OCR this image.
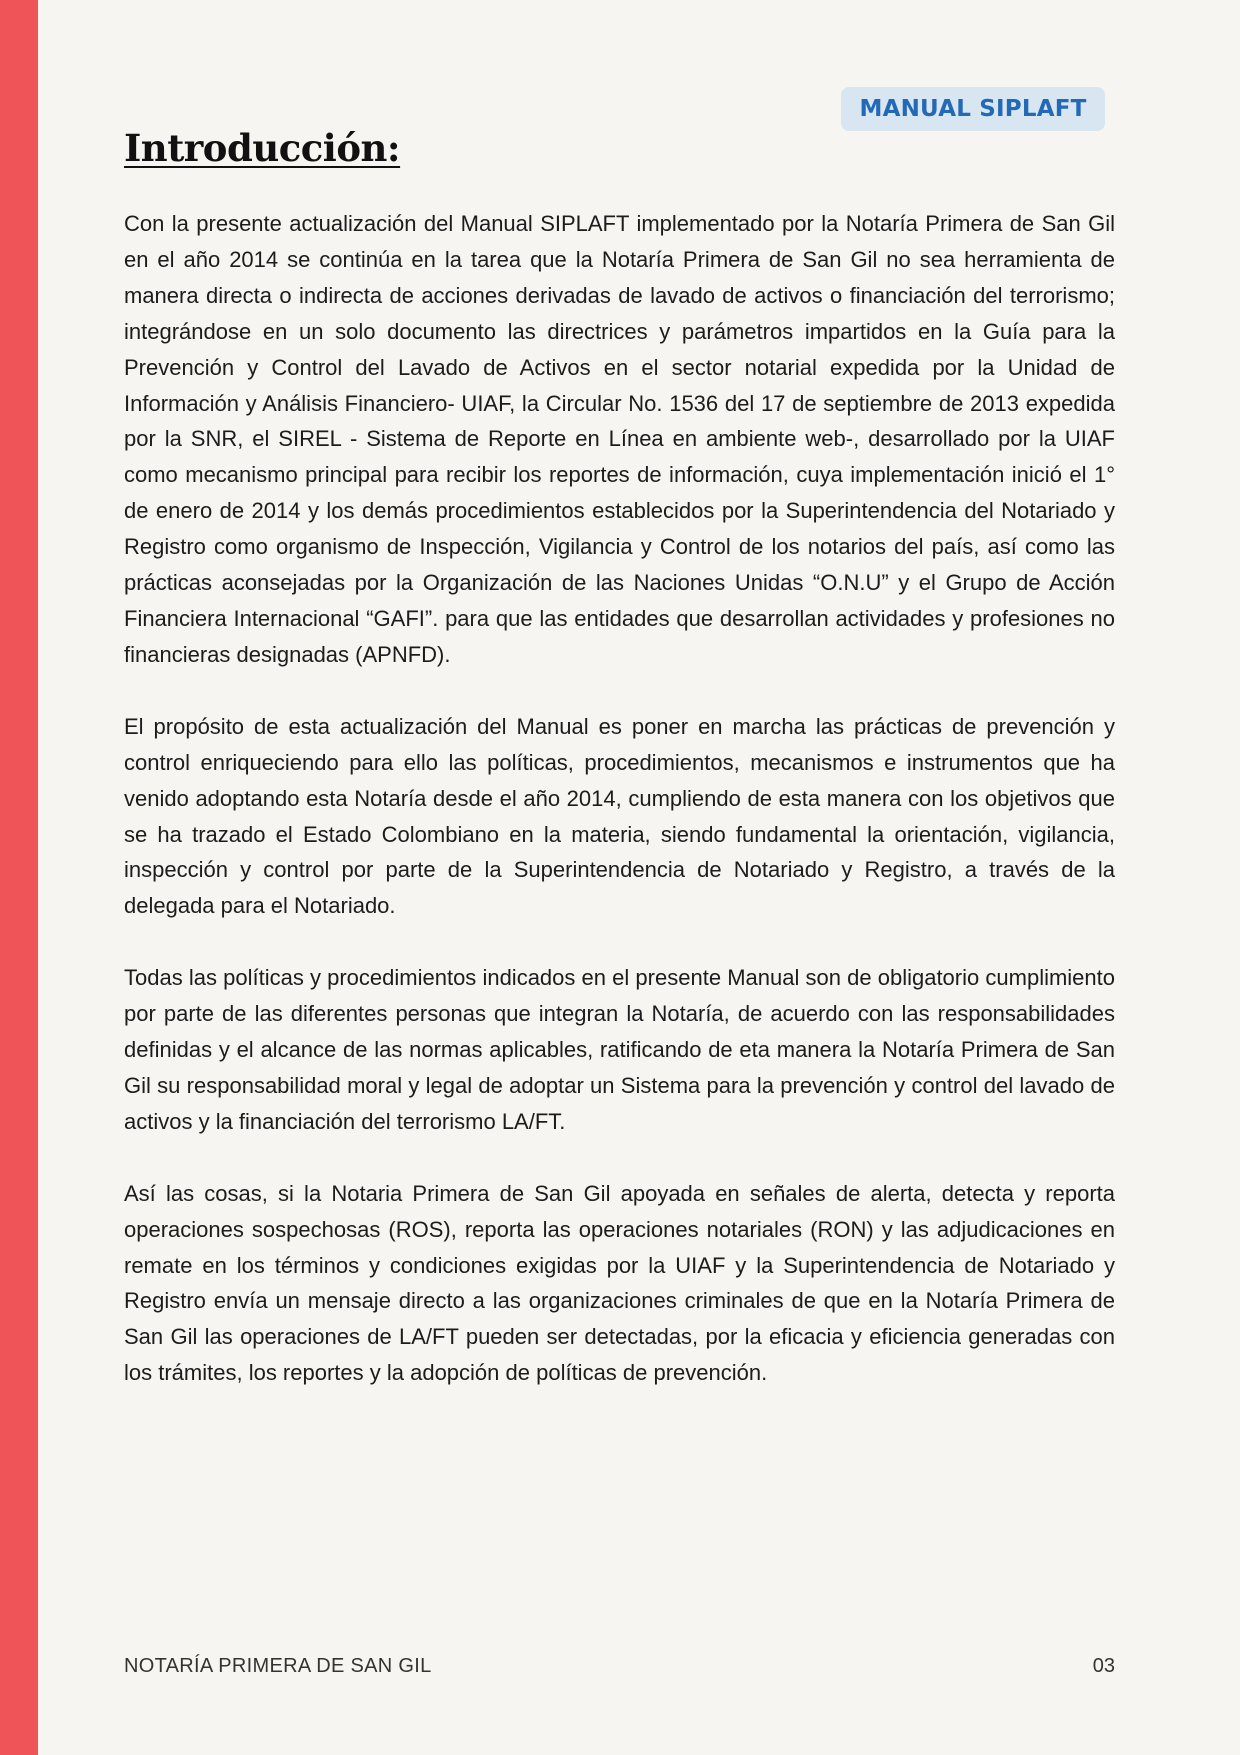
MANUAL SIPLAFT
Introducción:

Con la presente actualización del Manual SIPLAFT implementado por la Notaría Primera de San Gil en el año 2014 se continúa en la tarea que la Notaría Primera de San Gil no sea herramienta de manera directa o indirecta de acciones derivadas de lavado de activos o financiación del terrorismo; integrándose en un solo documento las directrices y parámetros impartidos en la Guía para la Prevención y Control del Lavado de Activos en el sector notarial expedida por la Unidad de Información y Análisis Financiero- UIAF, la Circular No. 1536 del 17 de septiembre de 2013 expedida por la SNR, el SIREL - Sistema de Reporte en Línea en ambiente web-, desarrollado por la UIAF como mecanismo principal para recibir los reportes de información, cuya implementación inició el 1° de enero de 2014 y los demás procedimientos establecidos por la Superintendencia del Notariado y Registro como organismo de Inspección, Vigilancia y Control de los notarios del país, así como las prácticas aconsejadas por la Organización de las Naciones Unidas “O.N.U” y el Grupo de Acción Financiera Internacional “GAFI”. para que las entidades que desarrollan actividades y profesiones no financieras designadas (APNFD).

El propósito de esta actualización del Manual es poner en marcha las prácticas de prevención y control enriqueciendo para ello las políticas, procedimientos, mecanismos e instrumentos que ha venido adoptando esta Notaría desde el año 2014, cumpliendo de esta manera con los objetivos que se ha trazado el Estado Colombiano en la materia, siendo fundamental la orientación, vigilancia, inspección y control por parte de la Superintendencia de Notariado y Registro, a través de la delegada para el Notariado.

Todas las políticas y procedimientos indicados en el presente Manual son de obligatorio cumplimiento por parte de las diferentes personas que integran la Notaría, de acuerdo con las responsabilidades definidas y el alcance de las normas aplicables, ratificando de eta manera la Notaría Primera de San Gil su responsabilidad moral y legal de adoptar un Sistema para la prevención y control del lavado de activos y la financiación del terrorismo LA/FT.

Así las cosas, si la Notaria Primera de San Gil apoyada en señales de alerta, detecta y reporta operaciones sospechosas (ROS), reporta las operaciones notariales (RON) y las adjudicaciones en remate en los términos y condiciones exigidas por la UIAF y la Superintendencia de Notariado y Registro envía un mensaje directo a las organizaciones criminales de que en la Notaría Primera de San Gil las operaciones de LA/FT pueden ser detectadas, por la eficacia y eficiencia generadas con los trámites, los reportes y la adopción de políticas de prevención.

NOTARÍA PRIMERA DE SAN GIL	03
